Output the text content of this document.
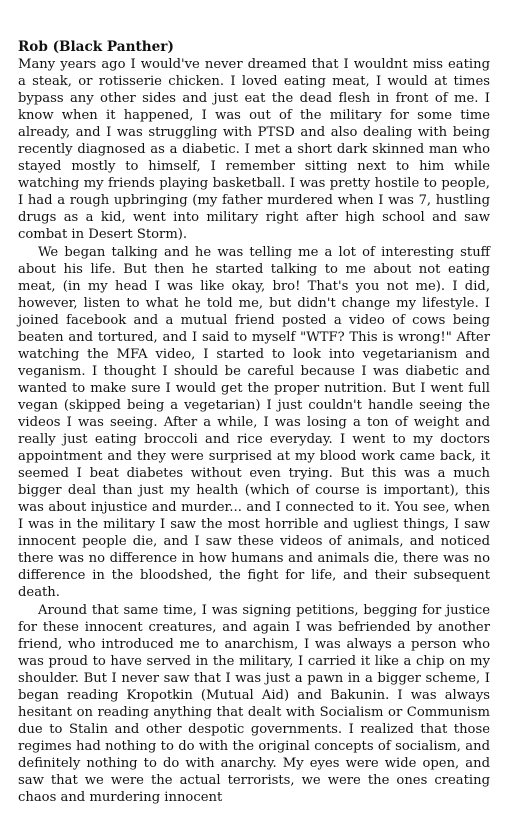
Rob (Black Panther)

Many years ago I would've never dreamed that I wouldnt miss eating a steak, or rotisserie chicken. I loved eating meat, I would at times bypass any other sides and just eat the dead flesh in front of me. I know when it happened, I was out of the military for some time already, and I was struggling with PTSD and also dealing with being recently diagnosed as a diabetic. I met a short dark skinned man who stayed mostly to himself, I remember sitting next to him while watching my friends playing basketball. I was pretty hostile to people, I had a rough upbringing (my father murdered when I was 7, hustling drugs as a kid, went into military right after high school and saw combat in Desert Storm).

We began talking and he was telling me a lot of interesting stuff about his life. But then he started talking to me about not eating meat, (in my head I was like okay, bro! That's you not me). I did, however, listen to what he told me, but didn't change my lifestyle. I joined facebook and a mutual friend posted a video of cows being beaten and tortured, and I said to myself "WTF? This is wrong!" After watching the MFA video, I started to look into vegetarianism and veganism. I thought I should be careful because I was diabetic and wanted to make sure I would get the proper nutrition. But I went full vegan (skipped being a vegetarian) I just couldn't handle seeing the videos I was seeing. After a while, I was losing a ton of weight and really just eating broccoli and rice everyday. I went to my doctors appointment and they were surprised at my blood work came back, it seemed I beat diabetes without even trying. But this was a much bigger deal than just my health (which of course is important), this was about injustice and murder... and I connected to it. You see, when I was in the military I saw the most horrible and ugliest things, I saw innocent people die, and I saw these videos of animals, and noticed there was no difference in how humans and animals die, there was no difference in the bloodshed, the fight for life, and their subsequent death.

Around that same time, I was signing petitions, begging for justice for these innocent creatures, and again I was befriended by another friend, who introduced me to anarchism, I was always a person who was proud to have served in the military, I carried it like a chip on my shoulder. But I never saw that I was just a pawn in a bigger scheme, I began reading Kropotkin (Mutual Aid) and Bakunin. I was always hesitant on reading anything that dealt with Socialism or Communism due to Stalin and other despotic governments. I realized that those regimes had nothing to do with the original concepts of socialism, and definitely nothing to do with anarchy. My eyes were wide open, and saw that we were the actual terrorists, we were the ones creating chaos and murdering innocent
